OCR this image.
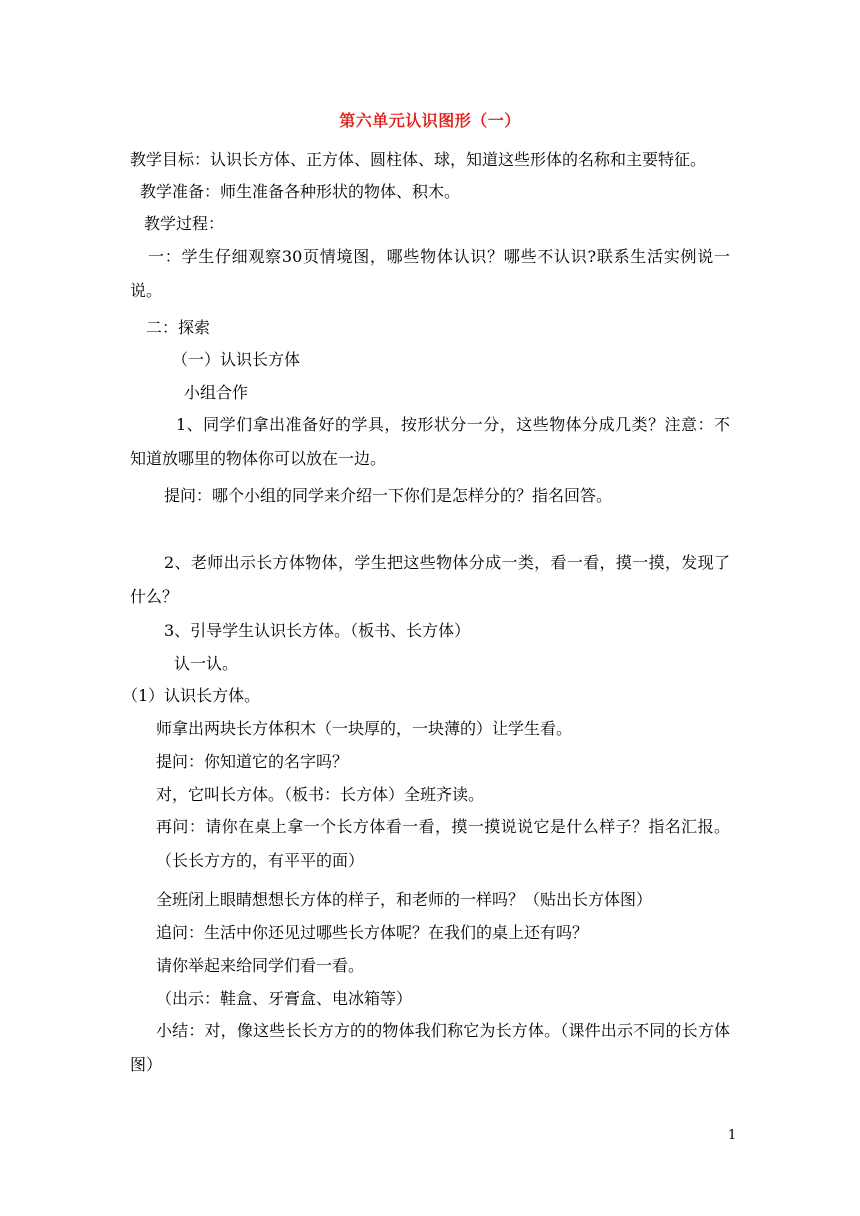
第六单元认识图形（一）
教学目标：认识长方体、正方体、圆柱体、球，知道这些形体的名称和主要特征。
教学准备：师生准备各种形状的物体、积木。
教学过程：
一：学生仔细观察30页情境图，哪些物体认识？哪些不认识?联系生活实例说一说。
二：探索
（一）认识长方体
小组合作
1、同学们拿出准备好的学具，按形状分一分，这些物体分成几类？注意：不知道放哪里的物体你可以放在一边。
提问：哪个小组的同学来介绍一下你们是怎样分的？指名回答。
2、老师出示长方体物体，学生把这些物体分成一类，看一看，摸一摸，发现了什么？
3、引导学生认识长方体。（板书、长方体）
认一认。
（1）认识长方体。
师拿出两块长方体积木（一块厚的，一块薄的）让学生看。
提问：你知道它的名字吗？
对，它叫长方体。（板书：长方体）全班齐读。
再问：请你在桌上拿一个长方体看一看，摸一摸说说它是什么样子？指名汇报。（长长方方的，有平平的面）
全班闭上眼睛想想长方体的样子，和老师的一样吗？（贴出长方体图）
追问：生活中你还见过哪些长方体呢？在我们的桌上还有吗？
请你举起来给同学们看一看。
（出示：鞋盒、牙膏盒、电冰箱等）
小结：对，像这些长长方方的的物体我们称它为长方体。（课件出示不同的长方体图）
1
